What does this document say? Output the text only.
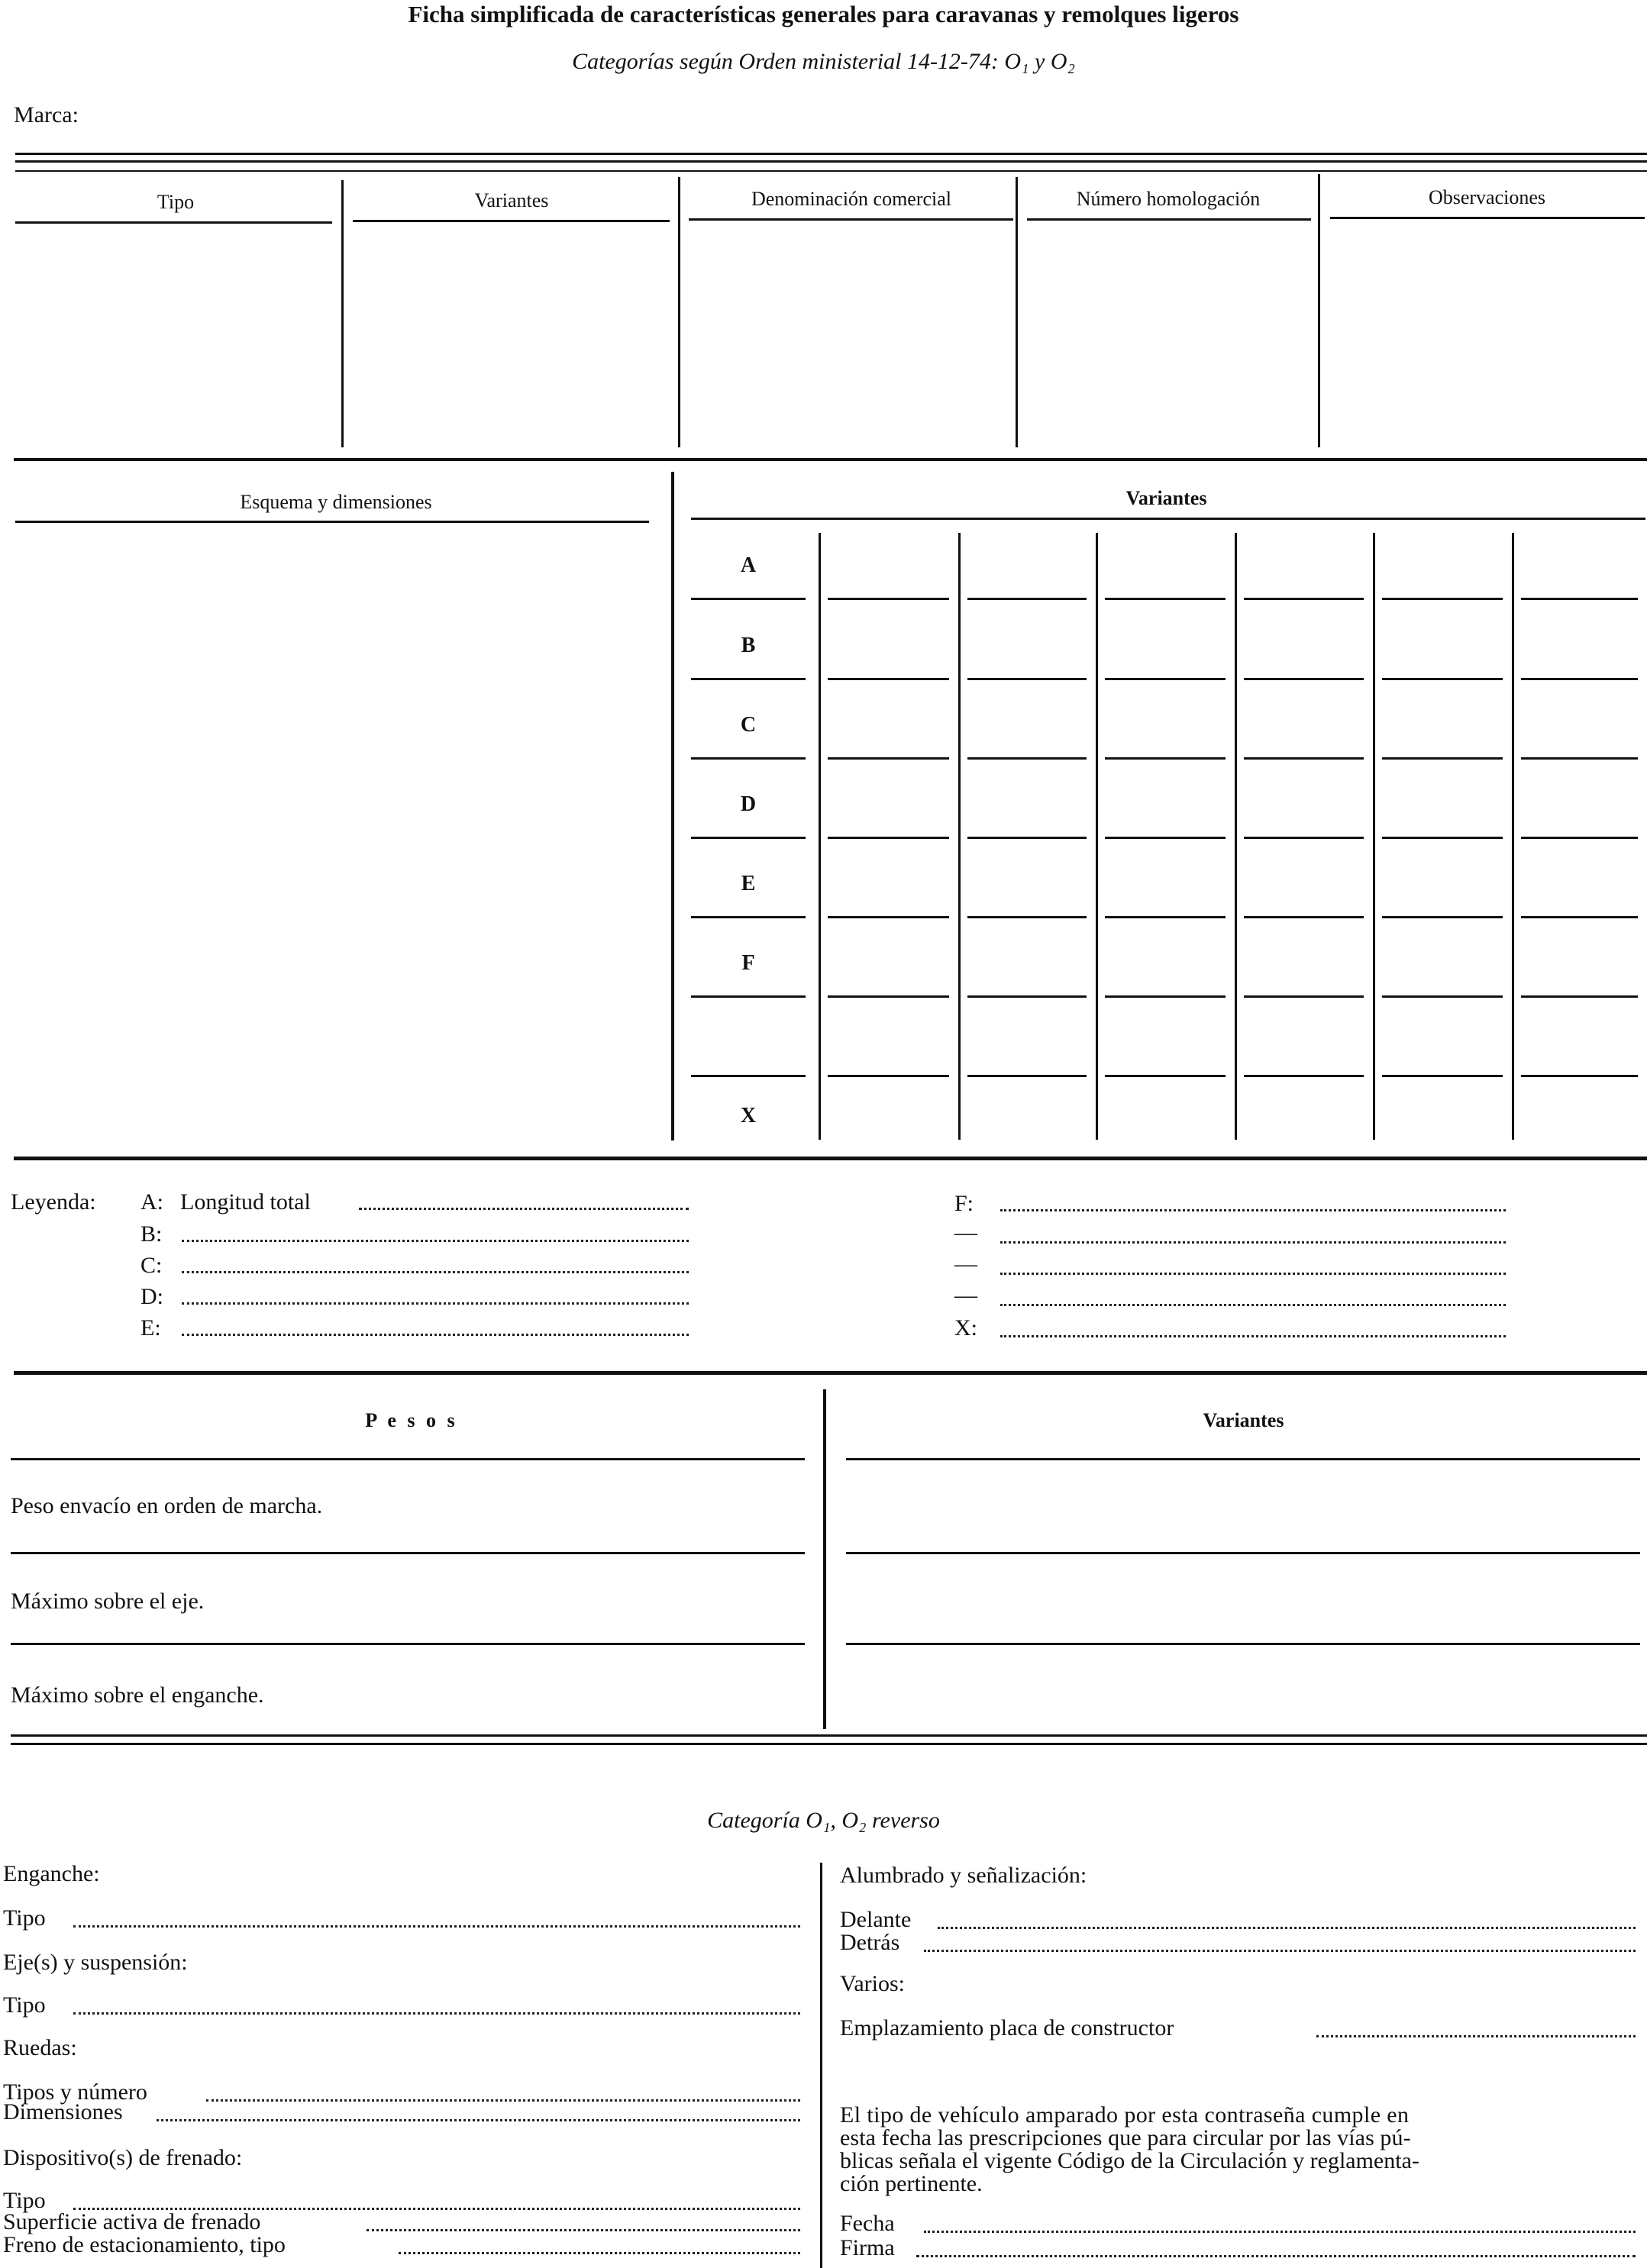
Ficha simplificada de características generales para caravanas y remolques ligeros
Categorías según Orden ministerial 14-12-74: O₁ y O₂
Marca:
Tipo	Variantes	Denominación comercial	Número homologación	Observaciones
Esquema y dimensiones	Variantes
A
B
C
D
E
F
X
Leyenda: A: Longitud total
B:
C:
D:
E:
F:
—
—
—
X:
P e s o s	Variantes
Peso envacío en orden de marcha.
Máximo sobre el eje.
Máximo sobre el enganche.
Categoría O₁, O₂ reverso
Enganche:
Tipo
Eje(s) y suspensión:
Tipo
Ruedas:
Tipos y número
Dimensiones
Dispositivo(s) de frenado:
Tipo
Superficie activa de frenado
Freno de estacionamiento, tipo
Alumbrado y señalización:
Delante
Detrás
Varios:
Emplazamiento placa de constructor
El tipo de vehículo amparado por esta contraseña cumple en
esta fecha las prescripciones que para circular por las vías pú-
blicas señala el vigente Código de la Circulación y reglamenta-
ción pertinente.
Fecha
Firma
